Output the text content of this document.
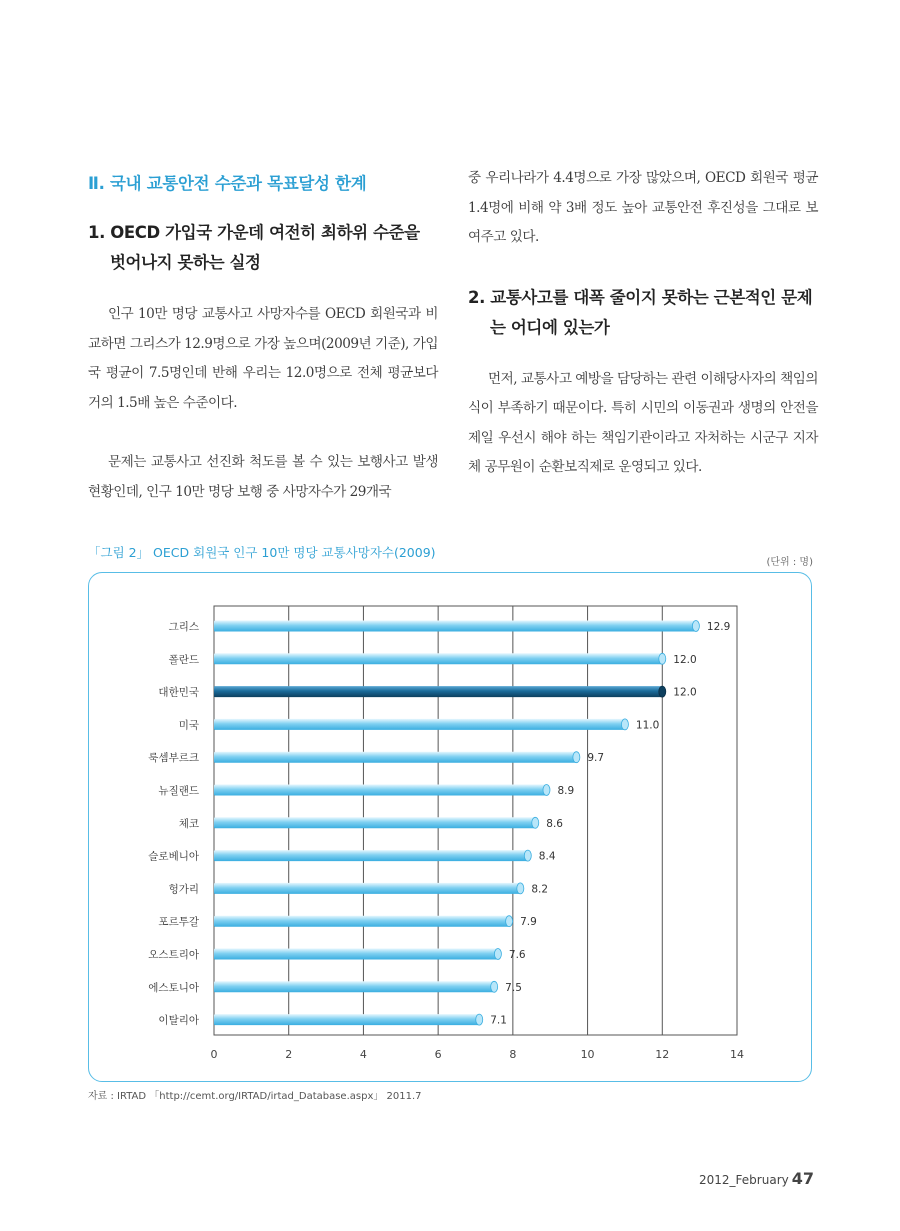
Ⅱ. 국내 교통안전 수준과 목표달성 한계
1. OECD 가입국 가운데 여전히 최하위 수준을 벗어나지 못하는 실정

인구 10만 명당 교통사고 사망자수를 OECD 회원국과 비교하면 그리스가 12.9명으로 가장 높으며(2009년 기준), 가입국 평균이 7.5명인데 반해 우리는 12.0명으로 전체 평균보다 거의 1.5배 높은 수준이다.

문제는 교통사고 선진화 척도를 볼 수 있는 보행사고 발생현황인데, 인구 10만 명당 보행 중 사망자수가 29개국

중 우리나라가 4.4명으로 가장 많았으며, OECD 회원국 평균 1.4명에 비해 약 3배 정도 높아 교통안전 후진성을 그대로 보여주고 있다.

2. 교통사고를 대폭 줄이지 못하는 근본적인 문제는 어디에 있는가

먼저, 교통사고 예방을 담당하는 관련 이해당사자의 책임의식이 부족하기 때문이다. 특히 시민의 이동권과 생명의 안전을 제일 우선시 해야 하는 책임기관이라고 자처하는 시군구 지자체 공무원이 순환보직제로 운영되고 있다.

「그림 2」 OECD 회원국 인구 10만 명당 교통사망자수(2009)
(단위 : 명)
0	2	4	6	8	10	12	14
그리스	12.9
폴란드	12.0
대한민국	12.0
미국	11.0
룩셈부르크	9.7
뉴질랜드	8.9
체코	8.6
슬로베니아	8.4
헝가리	8.2
포르투갈	7.9
오스트리아	7.6
에스토니아	7.5
이탈리아	7.1
자료 : IRTAD 「http://cemt.org/IRTAD/irtad_Database.aspx」 2011.7
2012_February 47
